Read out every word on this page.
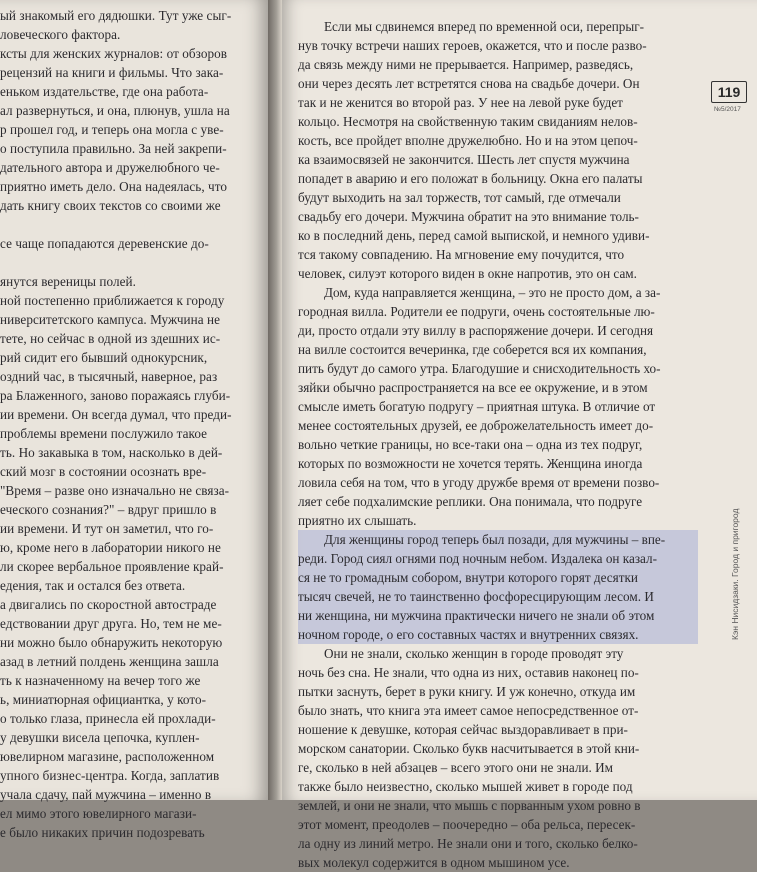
ый знакомый его дядюшки. Тут уже сыг-
ловеческого фактора.
ксты для женских журналов: от обзоров
рецензий на книги и фильмы. Что зака-
еньком издательстве, где она работа-
ал развернуться, и она, плюнув, ушла на
р прошел год, и теперь она могла с уве-
о поступила правильно. За ней закрепи-
дательного автора и дружелюбного че-
приятно иметь дело. Она надеялась, что
дать книгу своих текстов со своими же
се чаще попадаются деревенские до-
янутся вереницы полей.
ной постепенно приближается к городу
ниверситетского кампуса. Мужчина не
тете, но сейчас в одной из здешних ис-
рий сидит его бывший однокурсник,
оздний час, в тысячный, наверное, раз
ра Блаженного, заново поражаясь глуби-
ии времени. Он всегда думал, что преди-
проблемы времени послужило такое
ть. Но закавыка в том, насколько в дей-
ский мозг в состоянии осознать вре-
"Время – разве оно изначально не связа-
еческого сознания?" – вдруг пришло в
ии времени. И тут он заметил, что го-
ю, кроме него в лаборатории никого не
ли скорее вербальное проявление край-
едения, так и остался без ответа.
а двигались по скоростной автостраде
едствовании друг друга. Но, тем не ме-
ни можно было обнаружить некоторую
азад в летний полдень женщина зашла
ть к назначенному на вечер того же
ь, миниатюрная официантка, у кото-
о только глаза, принесла ей прохлади-
у девушки висела цепочка, куплен-
ювелирном магазине, расположенном
упного бизнес-центра. Когда, заплатив
учала сдачу, пай мужчина – именно в
ел мимо этого ювелирного магази-
е было никаких причин подозревать
Если мы сдвинемся вперед по временной оси, перепрыг-
нув точку встречи наших героев, окажется, что и после разво-
да связь между ними не прерывается. Например, разведясь,
они через десять лет встретятся снова на свадьбе дочери. Он
так и не женится во второй раз. У нее на левой руке будет
кольцо. Несмотря на свойственную таким свиданиям нелов-
кость, все пройдет вполне дружелюбно. Но и на этом цепоч-
ка взаимосвязей не закончится. Шесть лет спустя мужчина
попадет в аварию и его положат в больницу. Окна его палаты
будут выходить на зал торжеств, тот самый, где отмечали
свадьбу его дочери. Мужчина обратит на это внимание толь-
ко в последний день, перед самой выпиской, и немного удиви-
тся такому совпадению. На мгновение ему почудится, что
человек, силуэт которого виден в окне напротив, это он сам.
Дом, куда направляется женщина, – это не просто дом, а за-
городная вилла. Родители ее подруги, очень состоятельные лю-
ди, просто отдали эту виллу в распоряжение дочери. И сегодня
на вилле состоится вечеринка, где соберется вся их компания,
пить будут до самого утра. Благодушие и снисходительность хо-
зяйки обычно распространяется на все ее окружение, и в этом
смысле иметь богатую подругу – приятная штука. В отличие от
менее состоятельных друзей, ее доброжелательность имеет до-
вольно четкие границы, но все-таки она – одна из тех подруг,
которых по возможности не хочется терять. Женщина иногда
ловила себя на том, что в угоду дружбе время от времени позво-
ляет себе подхалимские реплики. Она понимала, что подруге
приятно их слышать.
Для женщины город теперь был позади, для мужчины – впе-
реди. Город сиял огнями под ночным небом. Издалека он казал-
ся не то громадным собором, внутри которого горят десятки
тысяч свечей, не то таинственно фосфоресцирующим лесом. И
ни женщина, ни мужчина практически ничего не знали об этом
ночном городе, о его составных частях и внутренних связях.
Они не знали, сколько женщин в городе проводят эту
ночь без сна. Не знали, что одна из них, оставив наконец по-
пытки заснуть, берет в руки книгу. И уж конечно, откуда им
было знать, что книга эта имеет самое непосредственное от-
ношение к девушке, которая сейчас выздоравливает в при-
морском санатории. Сколько букв насчитывается в этой кни-
ге, сколько в ней абзацев – всего этого они не знали. Им
также было неизвестно, сколько мышей живет в городе под
землей, и они не знали, что мышь с порванным ухом ровно в
этот момент, преодолев – поочередно – оба рельса, пересек-
ла одну из линий метро. Не знали они и того, сколько белко-
вых молекул содержится в одном мышином усе.
119
№5/2017
Кэн Нисидзаки. Город и пригород
